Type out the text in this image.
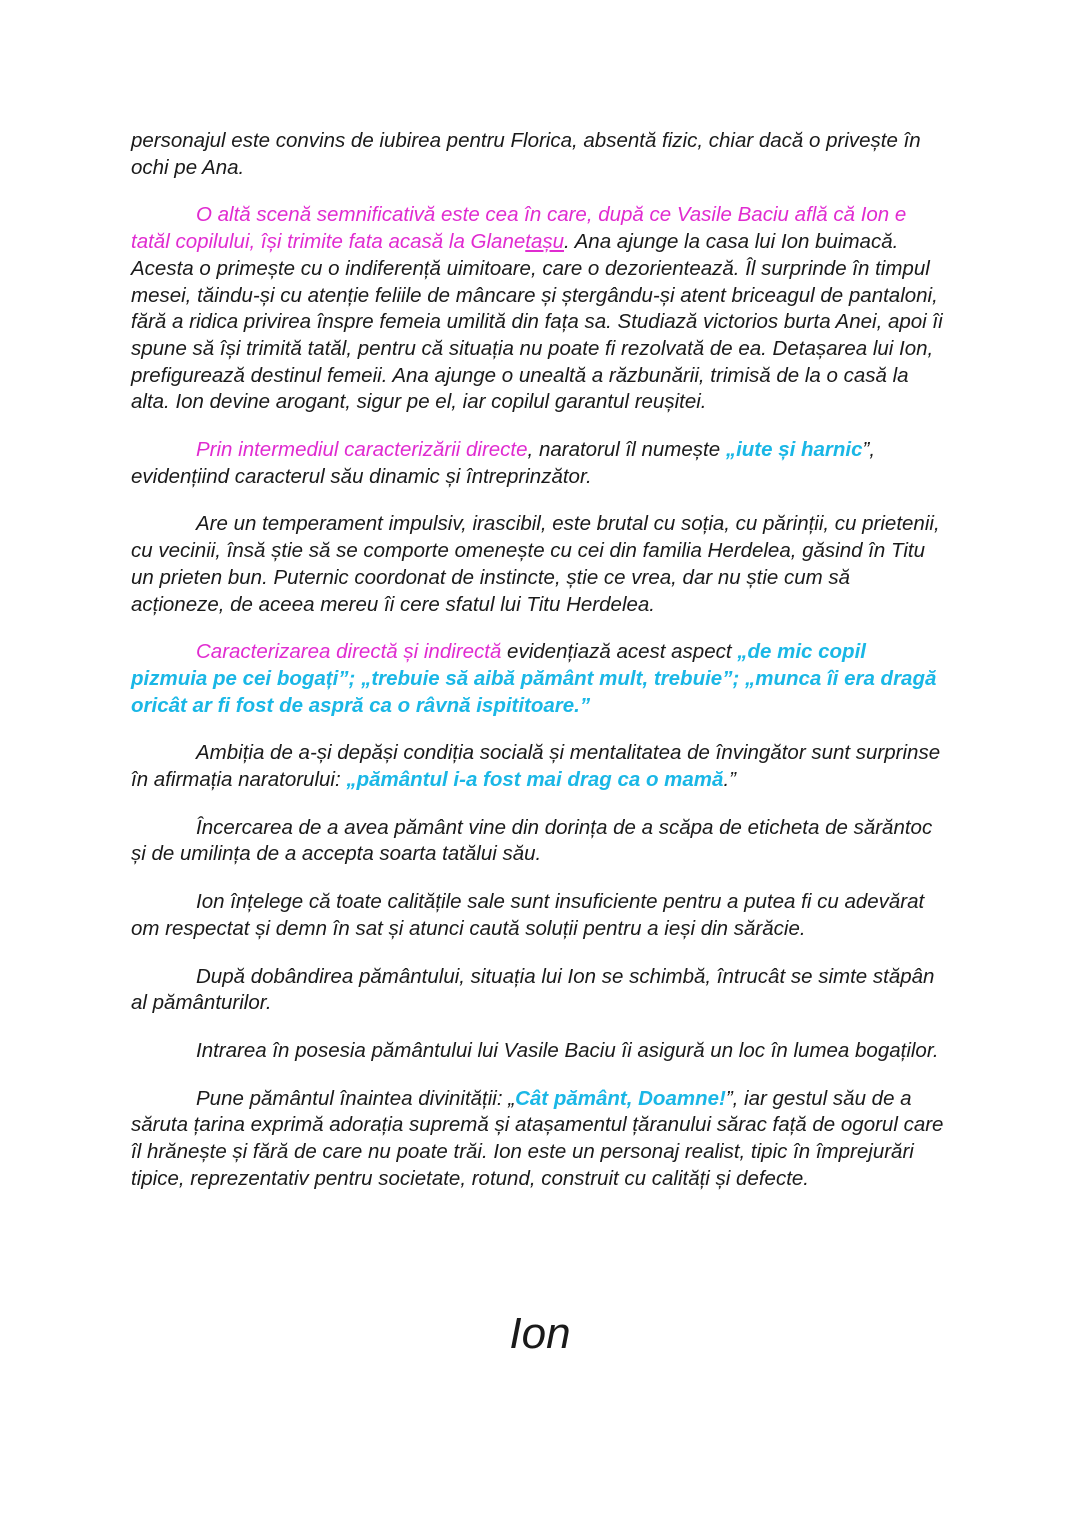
personajul este convins de iubirea pentru Florica, absentă fizic, chiar dacă o privește în ochi pe Ana.

O altă scenă semnificativă este cea în care, după ce Vasile Baciu află că Ion e tatăl copilului, își trimite fata acasă la Glanetașu. Ana ajunge la casa lui Ion buimacă. Acesta o primește cu o indiferență uimitoare, care o dezorientează. Îl surprinde în timpul mesei, tăindu-și cu atenție feliile de mâncare și ștergându-și atent briceagul de pantaloni, fără a ridica privirea înspre femeia umilită din fața sa. Studiază victorios burta Anei, apoi îi spune să își trimită tatăl, pentru că situația nu poate fi rezolvată de ea. Detașarea lui Ion, prefigurează destinul femeii. Ana ajunge o unealtă a răzbunării, trimisă de la o casă la alta. Ion devine arogant, sigur pe el, iar copilul garantul reușitei.

Prin intermediul caracterizării directe, naratorul îl numește „iute și harnic”, evidențiind caracterul său dinamic și întreprinzător.

Are un temperament impulsiv, irascibil, este brutal cu soția, cu părinții, cu prietenii, cu vecinii, însă știe să se comporte omenește cu cei din familia Herdelea, găsind în Titu un prieten bun. Puternic coordonat de instincte, știe ce vrea, dar nu știe cum să acționeze, de aceea mereu îi cere sfatul lui Titu Herdelea.

Caracterizarea directă și indirectă evidențiază acest aspect „de mic copil pizmuia pe cei bogați”; „trebuie să aibă pământ mult, trebuie”; „munca îi era dragă oricât ar fi fost de aspră ca o râvnă ispititoare.”

Ambiția de a-și depăși condiția socială și mentalitatea de învingător sunt surprinse în afirmația naratorului: „pământul i-a fost mai drag ca o mamă.”

Încercarea de a avea pământ vine din dorința de a scăpa de eticheta de sărăntoc și de umilința de a accepta soarta tatălui său.

Ion înțelege că toate calitățile sale sunt insuficiente pentru a putea fi cu adevărat om respectat și demn în sat și atunci caută soluții pentru a ieși din sărăcie.

După dobândirea pământului, situația lui Ion se schimbă, întrucât se simte stăpân al pământurilor.

Intrarea în posesia pământului lui Vasile Baciu îi asigură un loc în lumea bogaților.

Pune pământul înaintea divinității: „Cât pământ, Doamne!”, iar gestul său de a săruta țarina exprimă adorația supremă și atașamentul țăranului sărac față de ogorul care îl hrănește și fără de care nu poate trăi. Ion este un personaj realist, tipic în împrejurări tipice, reprezentativ pentru societate, rotund, construit cu calități și defecte.

Ion
